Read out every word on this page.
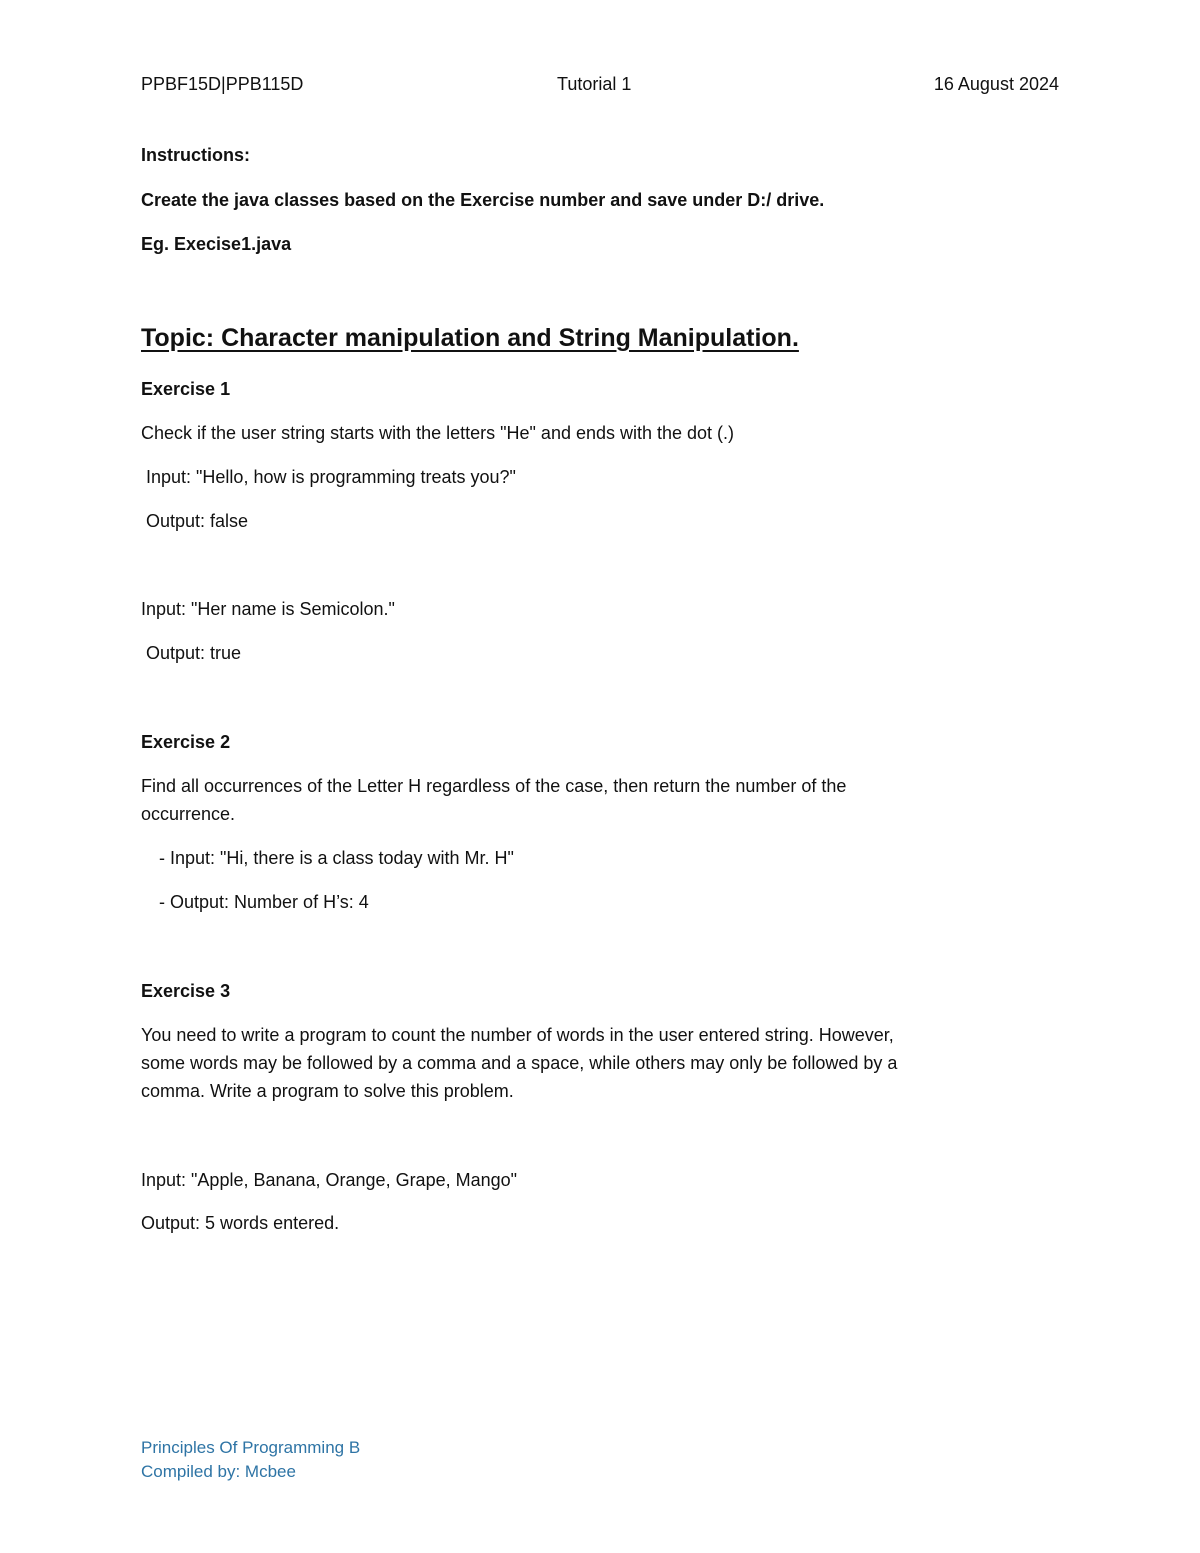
PPBF15D|PPB115D	Tutorial 1	16 August 2024
Instructions:
Create the java classes based on the Exercise number and save under D:/ drive.
Eg. Execise1.java
Topic: Character manipulation and String Manipulation.
Exercise 1
Check if the user string starts with the letters "He" and ends with the dot (.)
Input: "Hello, how is programming treats you?"
Output: false
Input: "Her name is Semicolon."
Output: true
Exercise 2
Find all occurrences of the Letter H regardless of the case, then return the number of the
occurrence.
- Input: "Hi, there is a class today with Mr. H"
- Output: Number of H’s: 4
Exercise 3
You need to write a program to count the number of words in the user entered string. However,
some words may be followed by a comma and a space, while others may only be followed by a
comma. Write a program to solve this problem.
Input: "Apple, Banana, Orange, Grape, Mango"
Output: 5 words entered.
Principles Of Programming B
Compiled by: Mcbee
